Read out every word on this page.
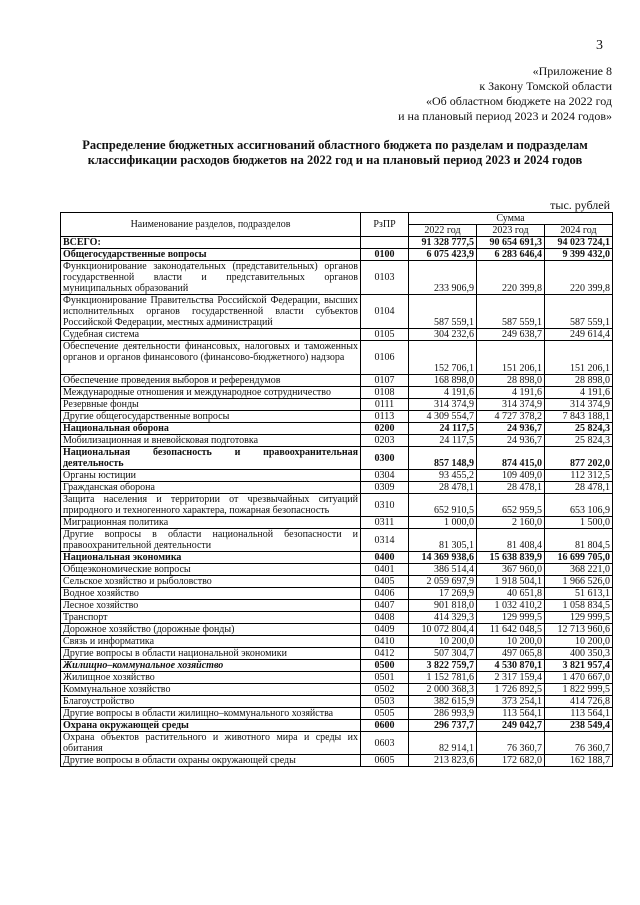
3
«Приложение 8
к Закону Томской области
«Об областном бюджете на 2022 год
и на плановый период 2023 и 2024 годов»
Распределение бюджетных ассигнований областного бюджета по разделам и подразделам
классификации расходов бюджетов на 2022 год и на плановый период 2023 и 2024 годов
тыс. рублей
Наименование разделов, подразделов	РзПР	Сумма		
		2022 год	2023 год	2024 год
ВСЕГО:		91 328 777,5	90 654 691,3	94 023 724,1
Общегосударственные вопросы	0100	6 075 423,9	6 283 646,4	9 399 432,0
Функционирование законодательных (представительных) органов государственной власти и представительных органов муниципальных образований	0103	233 906,9	220 399,8	220 399,8
Функционирование Правительства Российской Федерации, высших исполнительных органов государственной власти субъектов Российской Федерации, местных администраций	0104	587 559,1	587 559,1	587 559,1
Судебная система	0105	304 232,6	249 638,7	249 614,4
Обеспечение деятельности финансовых, налоговых и таможенных органов и органов финансового (финансово-бюджетного) надзора	0106	152 706,1	151 206,1	151 206,1
Обеспечение проведения выборов и референдумов	0107	168 898,0	28 898,0	28 898,0
Международные отношения и международное сотрудничество	0108	4 191,6	4 191,6	4 191,6
Резервные фонды	0111	314 374,9	314 374,9	314 374,9
Другие общегосударственные вопросы	0113	4 309 554,7	4 727 378,2	7 843 188,1
Национальная оборона	0200	24 117,5	24 936,7	25 824,3
Мобилизационная и вневойсковая подготовка	0203	24 117,5	24 936,7	25 824,3
Национальная безопасность и правоохранительная деятельность	0300	857 148,9	874 415,0	877 202,0
Органы юстиции	0304	93 455,2	109 409,0	112 312,5
Гражданская оборона	0309	28 478,1	28 478,1	28 478,1
Защита населения и территории от чрезвычайных ситуаций природного и техногенного характера, пожарная безопасность	0310	652 910,5	652 959,5	653 106,9
Миграционная политика	0311	1 000,0	2 160,0	1 500,0
Другие вопросы в области национальной безопасности и правоохранительной деятельности	0314	81 305,1	81 408,4	81 804,5
Национальная экономика	0400	14 369 938,6	15 638 839,9	16 699 705,0
Общеэкономические вопросы	0401	386 514,4	367 960,0	368 221,0
Сельское хозяйство и рыболовство	0405	2 059 697,9	1 918 504,1	1 966 526,0
Водное хозяйство	0406	17 269,9	40 651,8	51 613,1
Лесное хозяйство	0407	901 818,0	1 032 410,2	1 058 834,5
Транспорт	0408	414 329,3	129 999,5	129 999,5
Дорожное хозяйство (дорожные фонды)	0409	10 072 804,4	11 642 048,5	12 713 960,6
Связь и информатика	0410	10 200,0	10 200,0	10 200,0
Другие вопросы в области национальной экономики	0412	507 304,7	497 065,8	400 350,3
Жилищно–коммунальное хозяйство	0500	3 822 759,7	4 530 870,1	3 821 957,4
Жилищное хозяйство	0501	1 152 781,6	2 317 159,4	1 470 667,0
Коммунальное хозяйство	0502	2 000 368,3	1 726 892,5	1 822 999,5
Благоустройство	0503	382 615,9	373 254,1	414 726,8
Другие вопросы в области жилищно–коммунального хозяйства	0505	286 993,9	113 564,1	113 564,1
Охрана окружающей среды	0600	296 737,7	249 042,7	238 549,4
Охрана объектов растительного и животного мира и среды их обитания	0603	82 914,1	76 360,7	76 360,7
Другие вопросы в области охраны окружающей среды	0605	213 823,6	172 682,0	162 188,7
